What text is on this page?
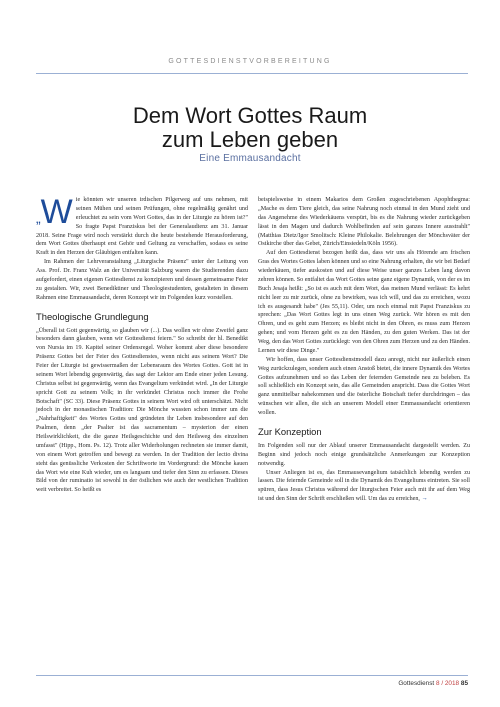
GOTTESDIENSTVORBEREITUNG
Dem Wort Gottes Raum
zum Leben geben
Eine Emmausandacht

„W ie könnten wir unseren irdischen Pilgerweg auf uns nehmen, mit seinen Mühen und seinen Prüfungen, ohne regelmäßig genährt und erleuchtet zu sein vom Wort Gottes, das in der Liturgie zu hören ist?" So fragte Papst Franziskus bei der Generalaudienz am 31. Januar 2018. Seine Frage wird noch verstärkt durch die heute bestehende Herausforderung, dem Wort Gottes überhaupt erst Gehör und Geltung zu verschaffen, sodass es seine Kraft in den Herzen der Gläubigen entfalten kann.

Im Rahmen der Lehrveranstaltung „Liturgische Präsenz" unter der Leitung von Ass. Prof. Dr. Franz Walz an der Universität Salzburg waren die Studierenden dazu aufgefordert, einen eigenen Gottesdienst zu konzipieren und dessen gemeinsame Feier zu gestalten. Wir, zwei Benediktiner und Theologiestudenten, gestalteten in diesem Rahmen eine Emmausandacht, deren Konzept wir im Folgenden kurz vorstellen.

Theologische Grundlegung

„Überall ist Gott gegenwärtig, so glauben wir (...). Das wollen wir ohne Zweifel ganz besonders dann glauben, wenn wir Gottesdienst feiern." So schreibt der hl. Benedikt von Nursia im 19. Kapitel seiner Ordensregel. Woher kommt aber diese besondere Präsenz Gottes bei der Feier des Gottesdienstes, wenn nicht aus seinem Wort? Die Feier der Liturgie ist gewissermaßen der Lebensraum des Wortes Gottes. Gott ist in seinem Wort lebendig gegenwärtig, das sagt der Lektor am Ende einer jeden Lesung. Christus selbst ist gegenwärtig, wenn das Evangelium verkündet wird. „In der Liturgie spricht Gott zu seinem Volk; in ihr verkündet Christus noch immer die Frohe Botschaft" (SC 33). Diese Präsenz Gottes in seinem Wort wird oft unterschätzt. Nicht jedoch in der monastischen Tradition: Die Mönche wussten schon immer um die „Nahrhaftigkeit" des Wortes Gottes und gründeten ihr Leben insbesondere auf den Psalmen, denn „der Psalter ist das sacramentum – mysterion der einen Heilswirklichkeit, die die ganze Heilsgeschichte und den Heilsweg des einzelnen umfasst" (Hipp., Hom. Ps. 12). Trotz aller Widerholungen rechneten sie immer damit, von einem Wort getroffen und bewegt zu werden. In der Tradition der lectio divina steht das genüssliche Verkosten der Schriftworte im Vordergrund: die Mönche kauen das Wort wie eine Kuh wieder, um es langsam und tiefer den Sinn zu erfassen. Dieses Bild von der ruminatio ist sowohl in der östlichen wie auch der westlichen Tradition weit verbreitet. So heißt es

beispielsweise in einem Makarios dem Großen zugeschriebenen Apophthegma: „Mache es dem Tiere gleich, das seine Nahrung noch einmal in den Mund zieht und das Angenehme des Wiederkäuens verspürt, bis es die Nahrung wieder zurückgeben lässt in den Magen und dadurch Wohlbefinden auf sein ganzes Innere ausstrahlt" (Matthias Dietz/Igor Smolitsch: Kleine Philokalie. Belehrungen der Mönchsväter der Ostkirche über das Gebet, Zürich/Einsiedeln/Köln 1956).

Auf den Gottesdienst bezogen heißt das, dass wir uns als Hörende am frischen Gras des Wortes Gottes laben können und so eine Nahrung erhalten, die wir bei Bedarf wiederkäuen, tiefer auskosten und auf diese Weise unser ganzes Leben lang davon zehren können. So entfaltet das Wort Gottes seine ganz eigene Dynamik, von der es im Buch Jesaja heißt: „So ist es auch mit dem Wort, das meinen Mund verlässt: Es kehrt nicht leer zu mir zurück, ohne zu bewirken, was ich will, und das zu erreichen, wozu ich es ausgesandt habe" (Jes 55,11). Oder, um noch einmal mit Papst Franziskus zu sprechen: „Das Wort Gottes legt in uns einen Weg zurück. Wir hören es mit den Ohren, und es geht zum Herzen; es bleibt nicht in den Ohren, es muss zum Herzen gehen; und vom Herzen geht es zu den Händen, zu den guten Werken. Das ist der Weg, den das Wort Gottes zurücklegt: von den Ohren zum Herzen und zu den Händen. Lernen wir diese Dinge."

Wir hoffen, dass unser Gottesdienstmodell dazu anregt, nicht nur äußerlich einen Weg zurückzulegen, sondern auch einen Anstoß bietet, die innere Dynamik des Wortes Gottes aufzunehmen und so das Leben der feiernden Gemeinde neu zu beleben. Es soll schließlich ein Konzept sein, das alle Gemeinden anspricht. Dass die Gottes Wort ganz unmittelbar nahekommen und die österliche Botschaft tiefer durchdringen – das wünschen wir allen, die sich an unserem Modell einer Emmausandacht orientieren wollen.

Zur Konzeption

Im Folgenden soll nur der Ablauf unserer Emmausandacht dargestellt werden. Zu Beginn sind jedoch noch einige grundsätzliche Anmerkungen zur Konzeption notwendig.

Unser Anliegen ist es, das Emmausevangelium tatsächlich lebendig werden zu lassen. Die feiernde Gemeinde soll in die Dynamik des Evangeliums eintreten. Sie soll spüren, dass Jesus Christus während der liturgischen Feier auch mit ihr auf dem Weg ist und den Sinn der Schrift erschließen will. Um das zu erreichen, →

Gottesdienst 8 / 2018 85
